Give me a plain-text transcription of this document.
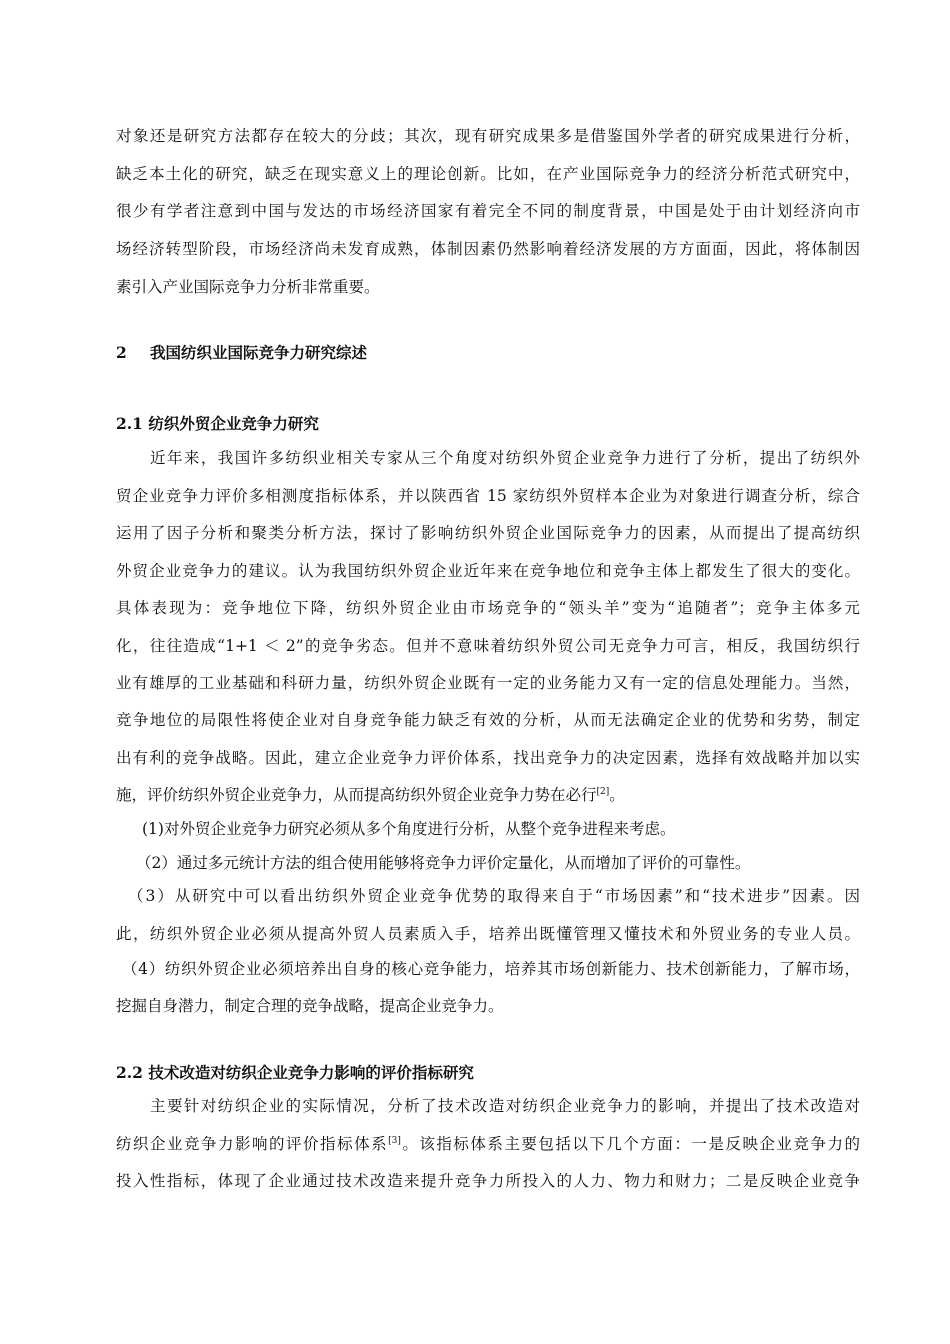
对象还是研究方法都存在较大的分歧；其次，现有研究成果多是借鉴国外学者的研究成果进行分析，
缺乏本土化的研究，缺乏在现实意义上的理论创新。比如，在产业国际竞争力的经济分析范式研究中，
很少有学者注意到中国与发达的市场经济国家有着完全不同的制度背景，中国是处于由计划经济向市
场经济转型阶段，市场经济尚未发育成熟，体制因素仍然影响着经济发展的方方面面，因此，将体制因
素引入产业国际竞争力分析非常重要。
2 我国纺织业国际竞争力研究综述
2.1 纺织外贸企业竞争力研究
近年来，我国许多纺织业相关专家从三个角度对纺织外贸企业竞争力进行了分析，提出了纺织外
贸企业竞争力评价多相测度指标体系，并以陕西省 15 家纺织外贸样本企业为对象进行调查分析，综合
运用了因子分析和聚类分析方法，探讨了影响纺织外贸企业国际竞争力的因素，从而提出了提高纺织
外贸企业竞争力的建议。认为我国纺织外贸企业近年来在竞争地位和竞争主体上都发生了很大的变化。
具体表现为：竞争地位下降，纺织外贸企业由市场竞争的“领头羊”变为“追随者”；竞争主体多元
化，往往造成“1+1 ＜ 2”的竞争劣态。但并不意味着纺织外贸公司无竞争力可言，相反，我国纺织行
业有雄厚的工业基础和科研力量，纺织外贸企业既有一定的业务能力又有一定的信息处理能力。当然，
竞争地位的局限性将使企业对自身竞争能力缺乏有效的分析，从而无法确定企业的优势和劣势，制定
出有利的竞争战略。因此，建立企业竞争力评价体系，找出竞争力的决定因素，选择有效战略并加以实
施，评价纺织外贸企业竞争力，从而提高纺织外贸企业竞争力势在必行[2]。
(1)对外贸企业竞争力研究必须从多个角度进行分析，从整个竞争进程来考虑。
（2）通过多元统计方法的组合使用能够将竞争力评价定量化，从而增加了评价的可靠性。
（3）从研究中可以看出纺织外贸企业竞争优势的取得来自于“市场因素”和“技术进步”因素。因
此，纺织外贸企业必须从提高外贸人员素质入手，培养出既懂管理又懂技术和外贸业务的专业人员。
（4）纺织外贸企业必须培养出自身的核心竞争能力，培养其市场创新能力、技术创新能力，了解市场，
挖掘自身潜力，制定合理的竞争战略，提高企业竞争力。
2.2 技术改造对纺织企业竞争力影响的评价指标研究
主要针对纺织企业的实际情况，分析了技术改造对纺织企业竞争力的影响，并提出了技术改造对
纺织企业竞争力影响的评价指标体系[3]。该指标体系主要包括以下几个方面：一是反映企业竞争力的
投入性指标，体现了企业通过技术改造来提升竞争力所投入的人力、物力和财力；二是反映企业竞争
